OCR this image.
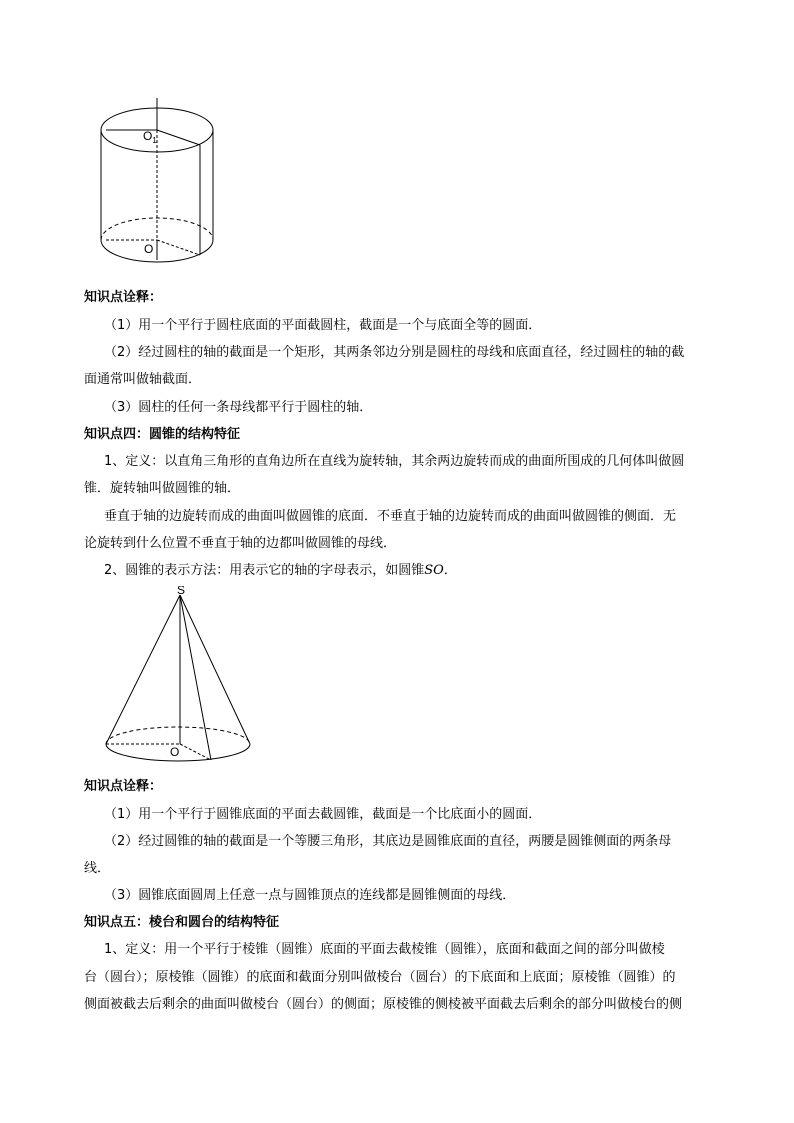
$O_1$
O
知识点诠释：
（1）用一个平行于圆柱底面的平面截圆柱，截面是一个与底面全等的圆面．
（2）经过圆柱的轴的截面是一个矩形，其两条邻边分别是圆柱的母线和底面直径，经过圆柱的轴的截
面通常叫做轴截面．
（3）圆柱的任何一条母线都平行于圆柱的轴．
知识点四：圆锥的结构特征
1、定义：以直角三角形的直角边所在直线为旋转轴，其余两边旋转而成的曲面所围成的几何体叫做圆
锥．旋转轴叫做圆锥的轴．
垂直于轴的边旋转而成的曲面叫做圆锥的底面．不垂直于轴的边旋转而成的曲面叫做圆锥的侧面．无
论旋转到什么位置不垂直于轴的边都叫做圆锥的母线．
2、圆锥的表示方法：用表示它的轴的字母表示，如圆锥SO．
S
O
知识点诠释：
（1）用一个平行于圆锥底面的平面去截圆锥，截面是一个比底面小的圆面．
（2）经过圆锥的轴的截面是一个等腰三角形，其底边是圆锥底面的直径，两腰是圆锥侧面的两条母
线．
（3）圆锥底面圆周上任意一点与圆锥顶点的连线都是圆锥侧面的母线．
知识点五：棱台和圆台的结构特征
1、定义：用一个平行于棱锥（圆锥）底面的平面去截棱锥（圆锥），底面和截面之间的部分叫做棱
台（圆台）；原棱锥（圆锥）的底面和截面分别叫做棱台（圆台）的下底面和上底面；原棱锥（圆锥）的
侧面被截去后剩余的曲面叫做棱台（圆台）的侧面；原棱锥的侧棱被平面截去后剩余的部分叫做棱台的侧
